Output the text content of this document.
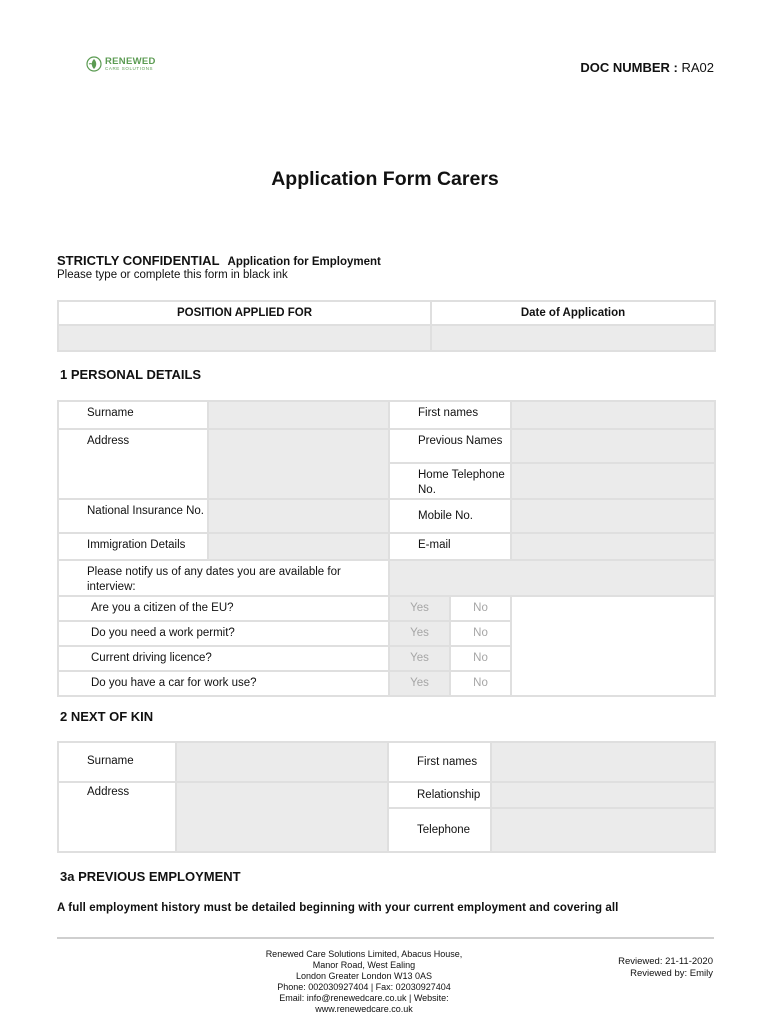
RENEWED
CARE SOLUTIONS	DOC NUMBER : RA02
Application Form Carers
STRICTLY CONFIDENTIAL Application for Employment
Please type or complete this form in black ink
POSITION APPLIED FOR	Date of Application

1 PERSONAL DETAILS
Surname		First names		
Address		Previous Names		
		Home Telephone No.		
National Insurance No.		Mobile No.		
Immigration Details		E-mail		
Please notify us of any dates you are available for interview:				
Are you a citizen of the EU?		Yes	No	
Do you need a work permit?		Yes	No	
Current driving licence?		Yes	No	
Do you have a car for work use?		Yes	No	
2 NEXT OF KIN
Surname		First names	
Address		Relationship	
		Telephone	
3a PREVIOUS EMPLOYMENT
A full employment history must be detailed beginning with your current employment and covering all
Renewed Care Solutions Limited, Abacus House,
Manor Road, West Ealing
London Greater London W13 0AS
Phone: 002030927404 | Fax: 02030927404
Email: info@renewedcare.co.uk | Website:
www.renewedcare.co.uk
Reviewed: 21-11-2020
Reviewed by: Emily
